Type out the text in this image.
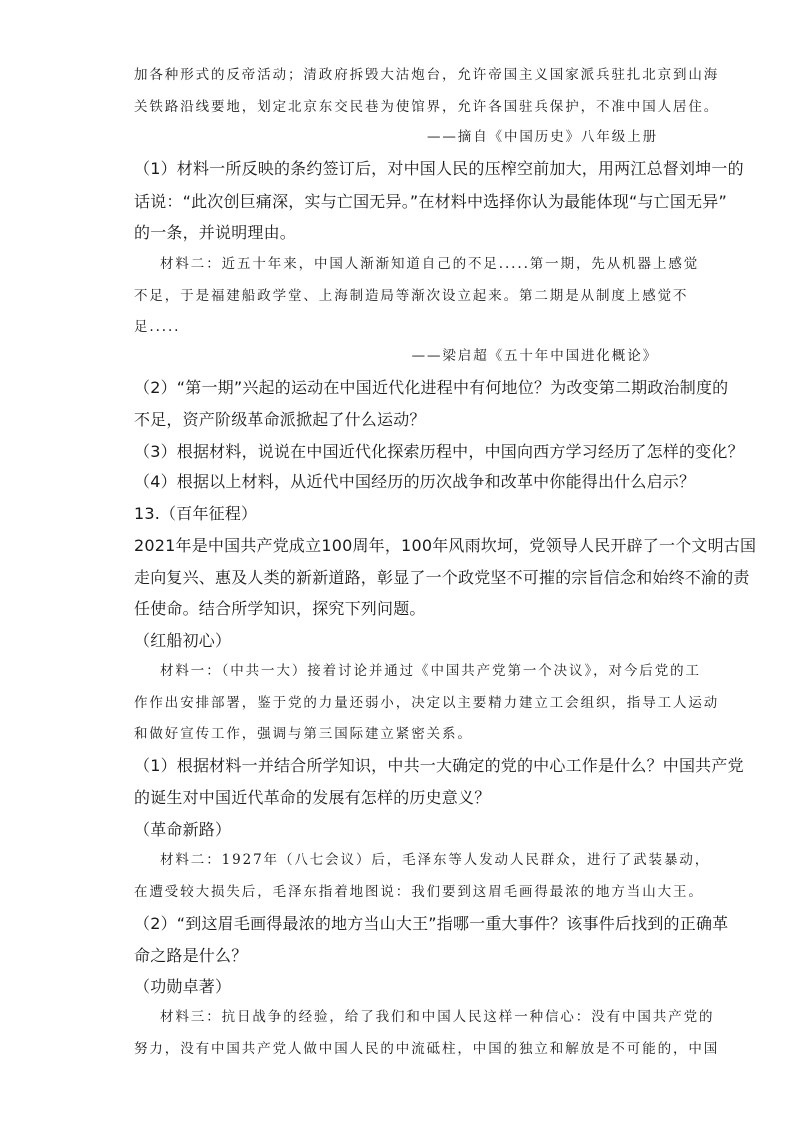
加各种形式的反帝活动；清政府拆毁大沽炮台，允许帝国主义国家派兵驻扎北京到山海
关铁路沿线要地，划定北京东交民巷为使馆界，允许各国驻兵保护，不准中国人居住。
——摘自《中国历史》八年级上册
（1）材料一所反映的条约签订后，对中国人民的压榨空前加大，用两江总督刘坤一的
话说：“此次创巨痛深，实与亡国无异。”在材料中选择你认为最能体现“与亡国无异”
的一条，并说明理由。
材料二：近五十年来，中国人渐渐知道自己的不足.....第一期，先从机器上感觉
不足，于是福建船政学堂、上海制造局等渐次设立起来。第二期是从制度上感觉不
足.....
——梁启超《五十年中国进化概论》
（2）“第一期”兴起的运动在中国近代化进程中有何地位？为改变第二期政治制度的
不足，资产阶级革命派掀起了什么运动？
（3）根据材料，说说在中国近代化探索历程中，中国向西方学习经历了怎样的变化？
（4）根据以上材料，从近代中国经历的历次战争和改革中你能得出什么启示？
13.（百年征程）
2021年是中国共产党成立100周年，100年风雨坎坷，党领导人民开辟了一个文明古国
走向复兴、惠及人类的新新道路，彰显了一个政党坚不可摧的宗旨信念和始终不渝的责
任使命。结合所学知识，探究下列问题。
（红船初心）
材料一：（中共一大）接着讨论并通过《中国共产党第一个决议》，对今后党的工
作作出安排部署，鉴于党的力量还弱小，决定以主要精力建立工会组织，指导工人运动
和做好宣传工作，强调与第三国际建立紧密关系。
（1）根据材料一并结合所学知识，中共一大确定的党的中心工作是什么？中国共产党
的诞生对中国近代革命的发展有怎样的历史意义？
（革命新路）
材料二：1927年（八七会议）后，毛泽东等人发动人民群众，进行了武装暴动，
在遭受较大损失后，毛泽东指着地图说：我们要到这眉毛画得最浓的地方当山大王。
（2）“到这眉毛画得最浓的地方当山大王”指哪一重大事件？该事件后找到的正确革
命之路是什么？
（功勋卓著）
材料三：抗日战争的经验，给了我们和中国人民这样一种信心：没有中国共产党的
努力，没有中国共产党人做中国人民的中流砥柱，中国的独立和解放是不可能的，中国
